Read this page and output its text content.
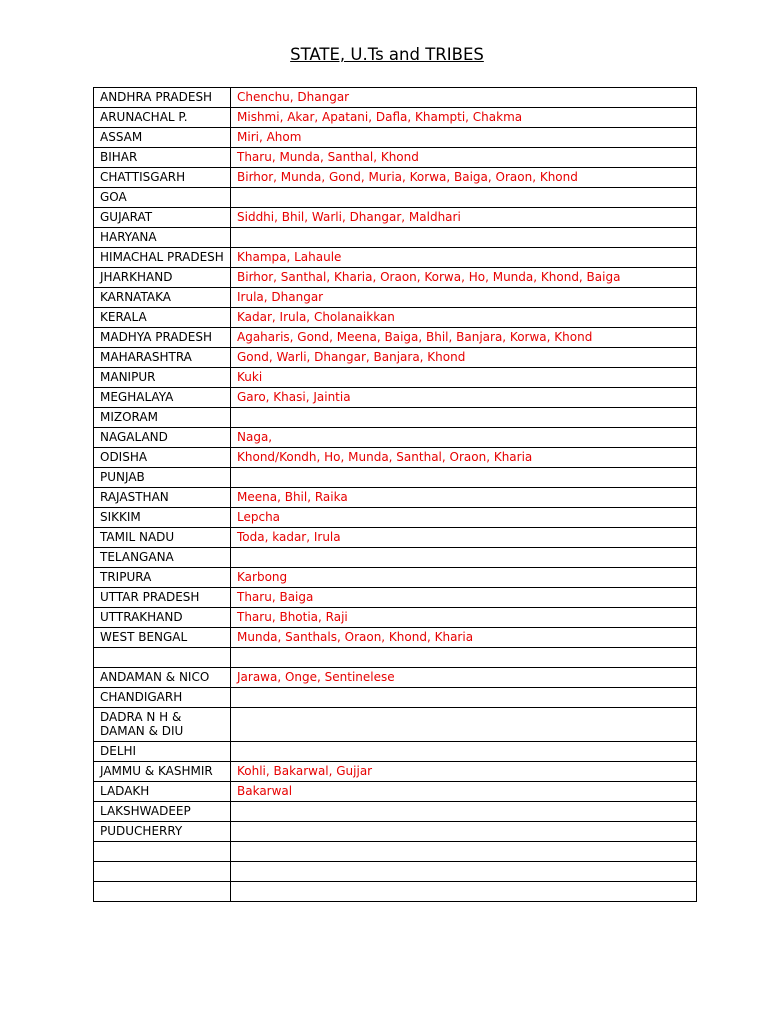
STATE, U.Ts and TRIBES
ANDHRA PRADESH	Chenchu, Dhangar
ARUNACHAL P.	Mishmi, Akar, Apatani, Dafla, Khampti, Chakma
ASSAM	Miri, Ahom
BIHAR	Tharu, Munda, Santhal, Khond
CHATTISGARH	Birhor, Munda, Gond, Muria, Korwa, Baiga, Oraon, Khond
GOA	
GUJARAT	Siddhi, Bhil, Warli, Dhangar, Maldhari
HARYANA	
HIMACHAL PRADESH	Khampa, Lahaule
JHARKHAND	Birhor, Santhal, Kharia, Oraon, Korwa, Ho, Munda, Khond, Baiga
KARNATAKA	Irula, Dhangar
KERALA	Kadar, Irula, Cholanaikkan
MADHYA PRADESH	Agaharis, Gond, Meena, Baiga, Bhil, Banjara, Korwa, Khond
MAHARASHTRA	Gond, Warli, Dhangar, Banjara, Khond
MANIPUR	Kuki
MEGHALAYA	Garo, Khasi, Jaintia
MIZORAM	
NAGALAND	Naga,
ODISHA	Khond/Kondh, Ho, Munda, Santhal, Oraon, Kharia
PUNJAB	
RAJASTHAN	Meena, Bhil, Raika
SIKKIM	Lepcha
TAMIL NADU	Toda, kadar, Irula
TELANGANA	
TRIPURA	Karbong
UTTAR PRADESH	Tharu, Baiga
UTTRAKHAND	Tharu, Bhotia, Raji
WEST BENGAL	Munda, Santhals, Oraon, Khond, Kharia

ANDAMAN & NICO	Jarawa, Onge, Sentinelese
CHANDIGARH	
DADRA N H & DAMAN & DIU	
DELHI	
JAMMU & KASHMIR	Kohli, Bakarwal, Gujjar
LADAKH	Bakarwal
LAKSHWADEEP	
PUDUCHERRY	
